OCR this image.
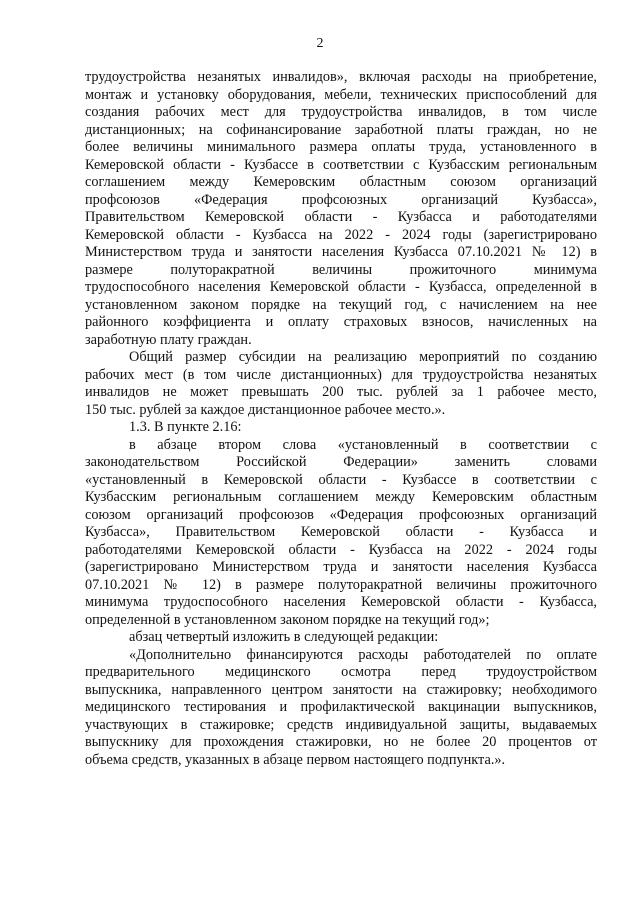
2
трудоустройства незанятых инвалидов», включая расходы на приобретение,
монтаж и установку оборудования, мебели, технических приспособлений для
создания рабочих мест для трудоустройства инвалидов, в том числе
дистанционных; на софинансирование заработной платы граждан, но не
более величины минимального размера оплаты труда, установленного в
Кемеровской области - Кузбассе в соответствии с Кузбасским региональным
соглашением между Кемеровским областным союзом организаций
профсоюзов «Федерация профсоюзных организаций Кузбасса»,
Правительством Кемеровской области - Кузбасса и работодателями
Кемеровской области - Кузбасса на 2022 - 2024 годы (зарегистрировано
Министерством труда и занятости населения Кузбасса 07.10.2021 № 12) в
размере полуторакратной величины прожиточного минимума
трудоспособного населения Кемеровской области - Кузбасса, определенной в
установленном законом порядке на текущий год, с начислением на нее
районного коэффициента и оплату страховых взносов, начисленных на
заработную плату граждан.
Общий размер субсидии на реализацию мероприятий по созданию
рабочих мест (в том числе дистанционных) для трудоустройства незанятых
инвалидов не может превышать 200 тыс. рублей за 1 рабочее место,
150 тыс. рублей за каждое дистанционное рабочее место.».
1.3. В пункте 2.16:
в абзаце втором слова «установленный в соответствии с
законодательством Российской Федерации» заменить словами
«установленный в Кемеровской области - Кузбассе в соответствии с
Кузбасским региональным соглашением между Кемеровским областным
союзом организаций профсоюзов «Федерация профсоюзных организаций
Кузбасса», Правительством Кемеровской области - Кузбасса и
работодателями Кемеровской области - Кузбасса на 2022 - 2024 годы
(зарегистрировано Министерством труда и занятости населения Кузбасса
07.10.2021 № 12) в размере полуторакратной величины прожиточного
минимума трудоспособного населения Кемеровской области - Кузбасса,
определенной в установленном законом порядке на текущий год»;
абзац четвертый изложить в следующей редакции:
«Дополнительно финансируются расходы работодателей по оплате
предварительного медицинского осмотра перед трудоустройством
выпускника, направленного центром занятости на стажировку; необходимого
медицинского тестирования и профилактической вакцинации выпускников,
участвующих в стажировке; средств индивидуальной защиты, выдаваемых
выпускнику для прохождения стажировки, но не более 20 процентов от
объема средств, указанных в абзаце первом настоящего подпункта.».
